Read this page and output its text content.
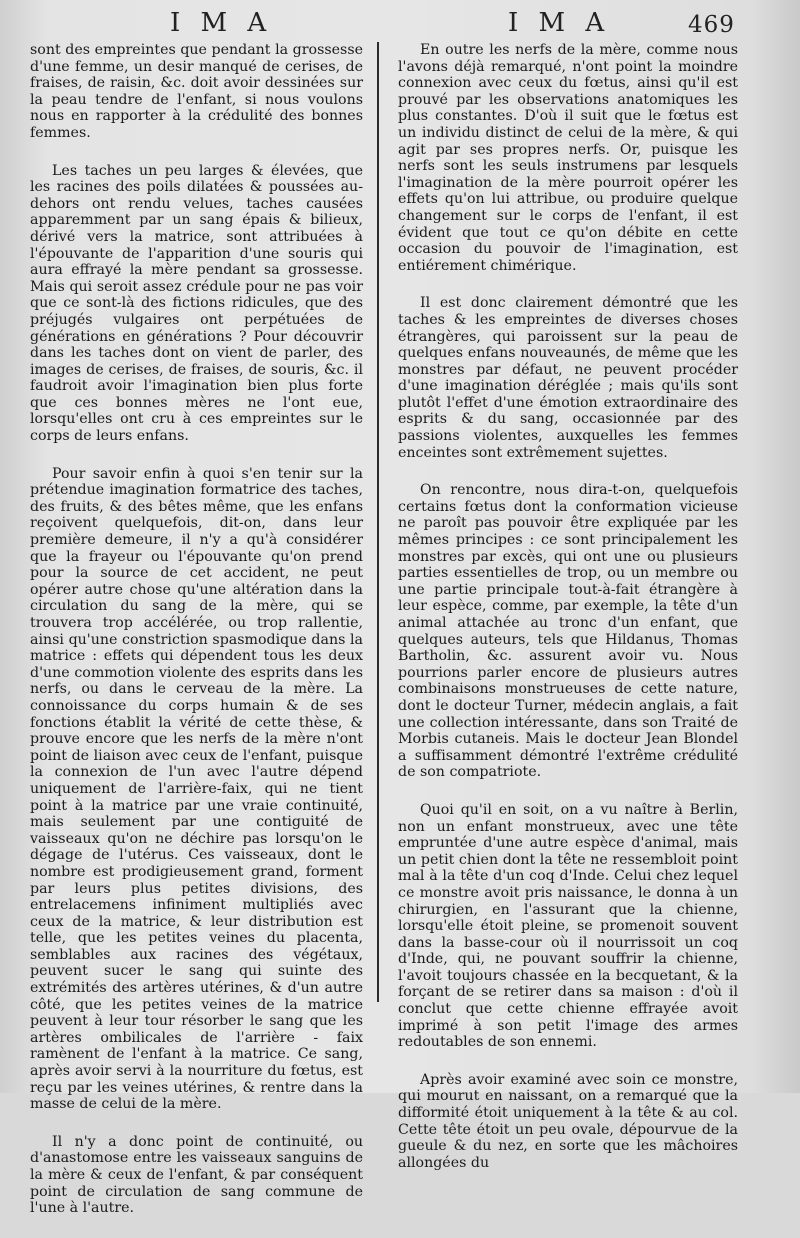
I M A	I M A	469

sont des empreintes que pendant la grossesse d'une femme, un desir manqué de cerises, de fraises, de raisin, &c. doit avoir dessinées sur la peau tendre de l'enfant, si nous voulons nous en rapporter à la crédulité des bonnes femmes.

Les taches un peu larges & élevées, que les racines des poils dilatées & poussées au-dehors ont rendu velues, taches causées apparemment par un sang épais & bilieux, dérivé vers la matrice, sont attribuées à l'épouvante de l'apparition d'une souris qui aura effrayé la mère pendant sa grossesse. Mais qui seroit assez crédule pour ne pas voir que ce sont-là des fictions ridicules, que des préjugés vulgaires ont perpétuées de générations en générations ? Pour découvrir dans les taches dont on vient de parler, des images de cerises, de fraises, de souris, &c. il faudroit avoir l'imagination bien plus forte que ces bonnes mères ne l'ont eue, lorsqu'elles ont cru à ces empreintes sur le corps de leurs enfans.

Pour savoir enfin à quoi s'en tenir sur la prétendue imagination formatrice des taches, des fruits, & des bêtes même, que les enfans reçoivent quelquefois, dit-on, dans leur première demeure, il n'y a qu'à considérer que la frayeur ou l'épouvante qu'on prend pour la source de cet accident, ne peut opérer autre chose qu'une altération dans la circulation du sang de la mère, qui se trouvera trop accélérée, ou trop rallentie, ainsi qu'une constriction spasmodique dans la matrice : effets qui dépendent tous les deux d'une commotion violente des esprits dans les nerfs, ou dans le cerveau de la mère. La connoissance du corps humain & de ses fonctions établit la vérité de cette thèse, & prouve encore que les nerfs de la mère n'ont point de liaison avec ceux de l'enfant, puisque la connexion de l'un avec l'autre dépend uniquement de l'arrière-faix, qui ne tient point à la matrice par une vraie continuité, mais seulement par une contiguité de vaisseaux qu'on ne déchire pas lorsqu'on le dégage de l'utérus. Ces vaisseaux, dont le nombre est prodigieusement grand, forment par leurs plus petites divisions, des entrelacemens infiniment multipliés avec ceux de la matrice, & leur distribution est telle, que les petites veines du placenta, semblables aux racines des végétaux, peuvent sucer le sang qui suinte des extrémités des artères utérines, & d'un autre côté, que les petites veines de la matrice peuvent à leur tour résorber le sang que les artères ombilicales de l'arrière - faix ramènent de l'enfant à la matrice. Ce sang, après avoir servi à la nourriture du fœtus, est reçu par les veines utérines, & rentre dans la masse de celui de la mère.

Il n'y a donc point de continuité, ou d'anastomose entre les vaisseaux sanguins de la mère & ceux de l'enfant, & par conséquent point de circulation de sang commune de l'une à l'autre.

En outre les nerfs de la mère, comme nous l'avons déjà remarqué, n'ont point la moindre connexion avec ceux du fœtus, ainsi qu'il est prouvé par les observations anatomiques les plus constantes. D'où il suit que le fœtus est un individu distinct de celui de la mère, & qui agit par ses propres nerfs. Or, puisque les nerfs sont les seuls instrumens par lesquels l'imagination de la mère pourroit opérer les effets qu'on lui attribue, ou produire quelque changement sur le corps de l'enfant, il est évident que tout ce qu'on débite en cette occasion du pouvoir de l'imagination, est entiérement chimérique.

Il est donc clairement démontré que les taches & les empreintes de diverses choses étrangères, qui paroissent sur la peau de quelques enfans nouveaunés, de même que les monstres par défaut, ne peuvent procéder d'une imagination déréglée ; mais qu'ils sont plutôt l'effet d'une émotion extraordinaire des esprits & du sang, occasionnée par des passions violentes, auxquelles les femmes enceintes sont extrêmement sujettes.

On rencontre, nous dira-t-on, quelquefois certains fœtus dont la conformation vicieuse ne paroît pas pouvoir être expliquée par les mêmes principes : ce sont principalement les monstres par excès, qui ont une ou plusieurs parties essentielles de trop, ou un membre ou une partie principale tout-à-fait étrangère à leur espèce, comme, par exemple, la tête d'un animal attachée au tronc d'un enfant, que quelques auteurs, tels que Hildanus, Thomas Bartholin, &c. assurent avoir vu. Nous pourrions parler encore de plusieurs autres combinaisons monstrueuses de cette nature, dont le docteur Turner, médecin anglais, a fait une collection intéressante, dans son Traité de Morbis cutaneis. Mais le docteur Jean Blondel a suffisamment démontré l'extrême crédulité de son compatriote.

Quoi qu'il en soit, on a vu naître à Berlin, non un enfant monstrueux, avec une tête empruntée d'une autre espèce d'animal, mais un petit chien dont la tête ne ressembloit point mal à la tête d'un coq d'Inde. Celui chez lequel ce monstre avoit pris naissance, le donna à un chirurgien, en l'assurant que la chienne, lorsqu'elle étoit pleine, se promenoit souvent dans la basse-cour où il nourrissoit un coq d'Inde, qui, ne pouvant souffrir la chienne, l'avoit toujours chassée en la becquetant, & la forçant de se retirer dans sa maison : d'où il conclut que cette chienne effrayée avoit imprimé à son petit l'image des armes redoutables de son ennemi.

Après avoir examiné avec soin ce monstre, qui mourut en naissant, on a remarqué que la difformité étoit uniquement à la tête & au col. Cette tête étoit un peu ovale, dépourvue de la gueule & du nez, en sorte que les mâchoires allongées du
